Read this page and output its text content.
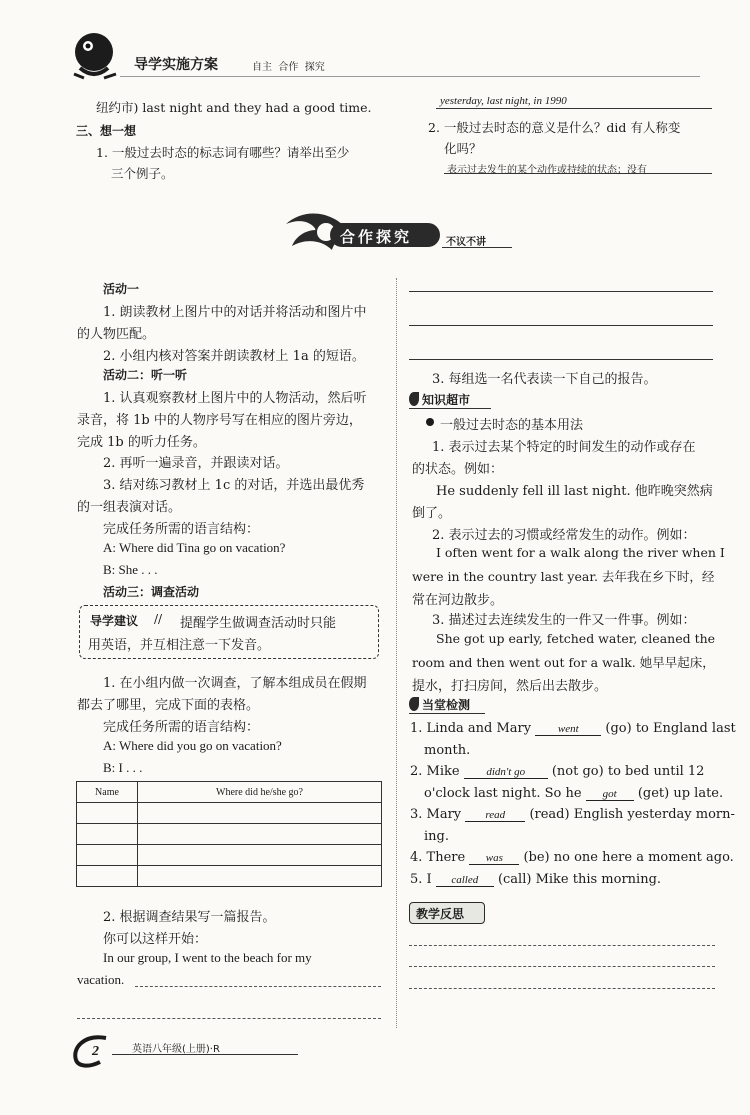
导学实施方案	自主  合作  探究
纽约市) last night and they had a good time.
三、想一想
1. 一般过去时态的标志词有哪些？请举出至少
三个例子。
yesterday, last night, in 1990
2. 一般过去时态的意义是什么？did 有人称变
化吗？
表示过去发生的某个动作或持续的状态；没有
合作探究	不议不讲
活动一
1. 朗读教材上图片中的对话并将活动和图片中
的人物匹配。
2. 小组内核对答案并朗读教材上 1a 的短语。
活动二：听一听
1. 认真观察教材上图片中的人物活动，然后听
录音，将 1b 中的人物序号写在相应的图片旁边，
完成 1b 的听力任务。
2. 再听一遍录音，并跟读对话。
3. 结对练习教材上 1c 的对话，并选出最优秀
的一组表演对话。
完成任务所需的语言结构：
A: Where did Tina go on vacation?
B: She . . .
活动三：调查活动
导学建议 // 提醒学生做调查活动时只能
用英语，并互相注意一下发音。
1. 在小组内做一次调查，了解本组成员在假期
都去了哪里，完成下面的表格。
完成任务所需的语言结构：
A: Where did you go on vacation?
B: I . . .
Name	Where did he/she go?

2. 根据调查结果写一篇报告。
你可以这样开始：
In our group, I went to the beach for my
vacation.
3. 每组选一名代表读一下自己的报告。
知识超市
一般过去时态的基本用法
1. 表示过去某个特定的时间发生的动作或存在
的状态。例如：
He suddenly fell ill last night. 他昨晚突然病
倒了。
2. 表示过去的习惯或经常发生的动作。例如：
I often went for a walk along the river when I
were in the country last year. 去年我在乡下时，经
常在河边散步。
3. 描述过去连续发生的一件又一件事。例如：
She got up early, fetched water, cleaned the
room and then went out for a walk. 她早早起床，
提水，打扫房间，然后出去散步。
当堂检测
1. Linda and Mary went (go) to England last
month.
2. Mike didn't go (not go) to bed until 12
o'clock last night. So he got (get) up late.
3. Mary read (read) English yesterday morn-
ing.
4. There was (be) no one here a moment ago.
5. I called (call) Mike this morning.
教学反思
2	英语八年级(上册)·R
